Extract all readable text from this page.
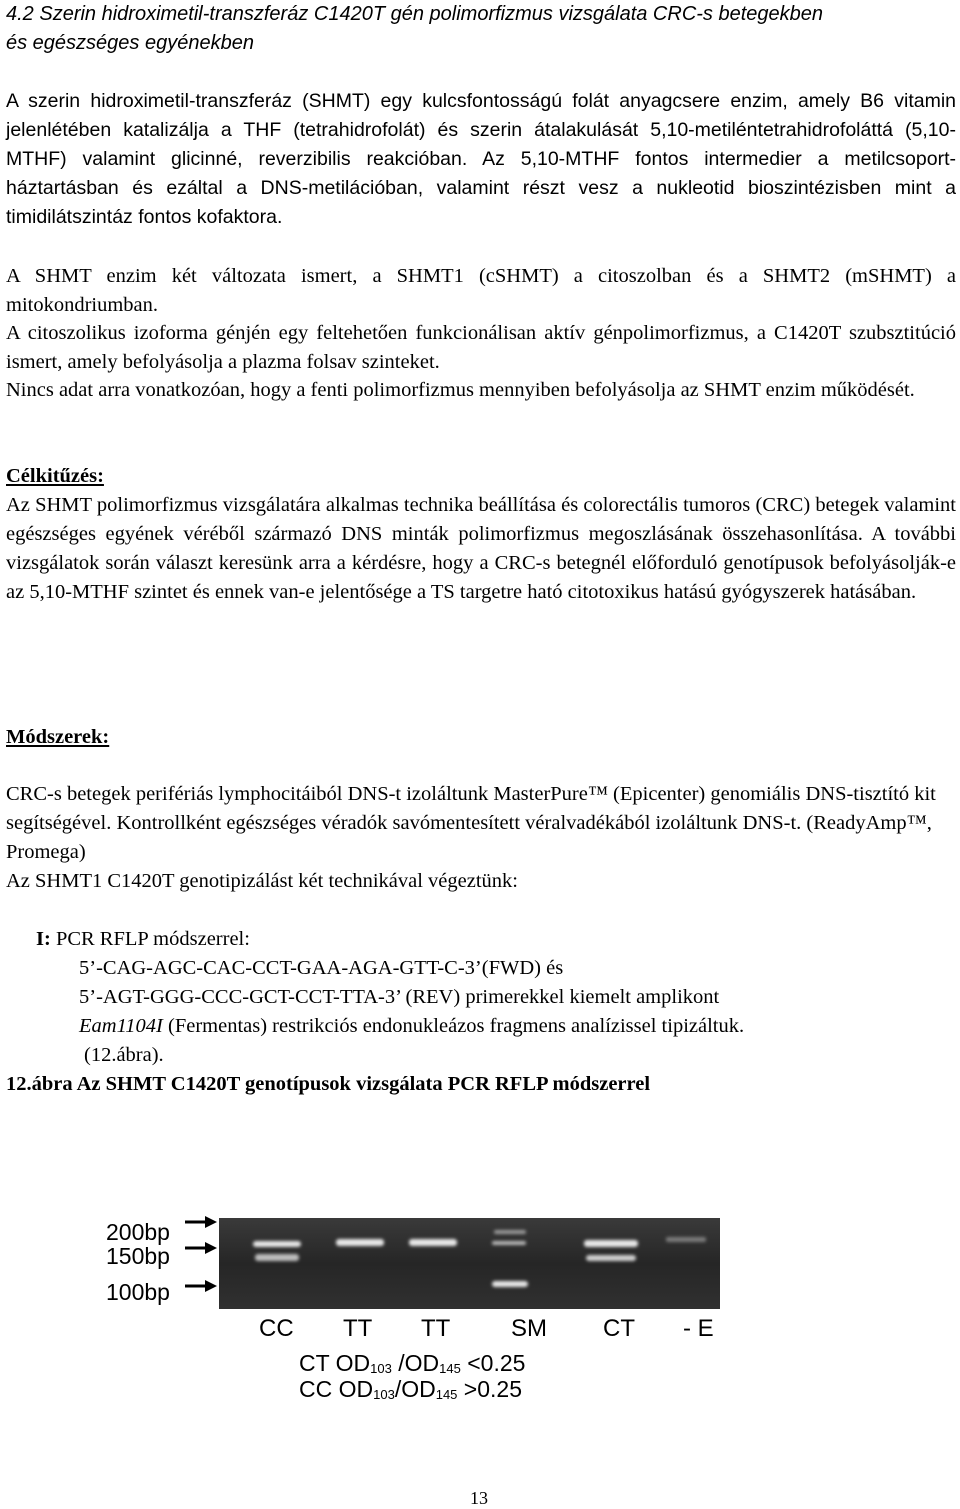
4.2 Szerin hidroximetil-transzferáz C1420T gén polimorfizmus vizsgálata CRC-s betegekben
és egészséges egyénekben

A szerin hidroximetil-transzferáz (SHMT) egy kulcsfontosságú folát anyagcsere enzim, amely B6 vitamin jelenlétében katalizálja a THF (tetrahidrofolát) és szerin átalakulását 5,10-metiléntetrahidrofoláttá (5,10-MTHF) valamint glicinné, reverzibilis reakcióban. Az 5,10-MTHF fontos intermedier a metilcsoport-háztartásban és ezáltal a DNS-metilációban, valamint részt vesz a nukleotid bioszintézisben mint a timidilátszintáz fontos kofaktora.

A SHMT enzim két változata ismert, a SHMT1 (cSHMT) a citoszolban és a SHMT2 (mSHMT) a mitokondriumban.

A citoszolikus izoforma génjén egy feltehetően funkcionálisan aktív génpolimorfizmus, a C1420T szubsztitúció ismert, amely befolyásolja a plazma folsav szinteket.

Nincs adat arra vonatkozóan, hogy a fenti polimorfizmus mennyiben befolyásolja az SHMT enzim működését.

Célkitűzés:

Az SHMT polimorfizmus vizsgálatára alkalmas technika beállítása és colorectális tumoros (CRC) betegek valamint egészséges egyének véréből származó DNS minták polimorfizmus megoszlásának összehasonlítása. A további vizsgálatok során választ keresünk arra a kérdésre, hogy a CRC-s betegnél előforduló genotípusok befolyásolják-e az 5,10-MTHF szintet és ennek van-e jelentősége a TS targetre ható citotoxikus hatású gyógyszerek hatásában.

Módszerek:

CRC-s betegek perifériás lymphocitáiból DNS-t izoláltunk MasterPure™ (Epicenter) genomiális DNS-tisztító kit segítségével. Kontrollként egészséges véradók savómentesített véralvadékából izoláltunk DNS-t. (ReadyAmp™, Promega)

Az SHMT1 C1420T genotipizálást két technikával végeztünk:

I: PCR RFLP módszerrel:
5’-CAG-AGC-CAC-CCT-GAA-AGA-GTT-C-3’(FWD) és
5’-AGT-GGG-CCC-GCT-CCT-TTA-3’ (REV) primerekkel kiemelt amplikont
Eam1104I (Fermentas) restrikciós endonukleázos fragmens analízissel tipizáltuk.
(12.ábra).
12.ábra Az SHMT C1420T genotípusok vizsgálata PCR RFLP módszerrel
200bp
150bp
100bp
CC TT TT	SM CT - E
CT $OD_{103}$ $/OD_{145} <0.25$
CC $OD_{103}/OD_{145} >0.25$
13
